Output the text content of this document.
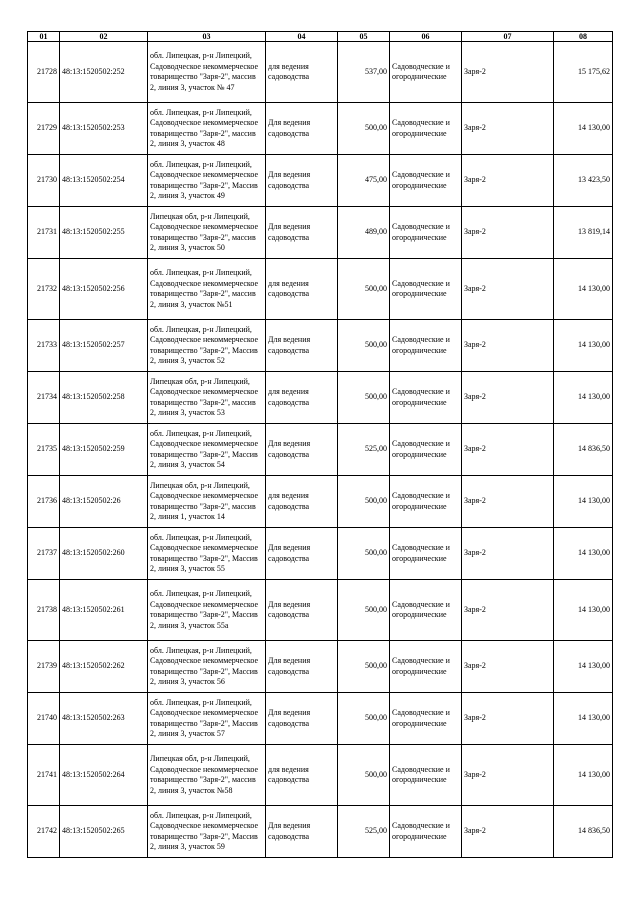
01	02	03	04	05	06	07	08
21728	48:13:1520502:252	обл. Липецкая, р-н Липецкий, Садоводческое некоммерческое товарищество "Заря-2", массив 2, линия 3, участок № 47	для ведения садоводства	537,00	Садоводческие и огороднические	Заря-2	15 175,62
21729	48:13:1520502:253	обл. Липецкая, р-н Липецкий, Садоводческое некоммерческое товарищество "Заря-2", массив 2, линия 3, участок 48	Для ведения садоводства	500,00	Садоводческие и огороднические	Заря-2	14 130,00
21730	48:13:1520502:254	обл. Липецкая, р-н Липецкий, Садоводческое некоммерческое товарищество "Заря-2", Массив 2, линия 3, участок 49	Для ведения садоводства	475,00	Садоводческие и огороднические	Заря-2	13 423,50
21731	48:13:1520502:255	Липецкая обл, р-н Липецкий, Садоводческое некоммерческое товарищество "Заря-2", массив 2, линия 3, участок 50	Для ведения садоводства	489,00	Садоводческие и огороднические	Заря-2	13 819,14
21732	48:13:1520502:256	обл. Липецкая, р-н Липецкий, Садоводческое некоммерческое товарищество "Заря-2", массив 2, линия 3, участок №51	для ведения садоводства	500,00	Садоводческие и огороднические	Заря-2	14 130,00
21733	48:13:1520502:257	обл. Липецкая, р-н Липецкий, Садоводческое некоммерческое товарищество "Заря-2", Массив 2, линия 3, участок 52	Для ведения садоводства	500,00	Садоводческие и огороднические	Заря-2	14 130,00
21734	48:13:1520502:258	Липецкая обл, р-н Липецкий, Садоводческое некоммерческое товарищество "Заря-2", массив 2, линия 3, участок 53	для ведения садоводства	500,00	Садоводческие и огороднические	Заря-2	14 130,00
21735	48:13:1520502:259	обл. Липецкая, р-н Липецкий, Садоводческое некоммерческое товарищество "Заря-2", Массив 2, линия 3, участок 54	Для ведения садоводства	525,00	Садоводческие и огороднические	Заря-2	14 836,50
21736	48:13:1520502:26	Липецкая обл, р-н Липецкий, Садоводческое некоммерческое товарищество "Заря-2", массив 2, линия 1, участок 14	для ведения садоводства	500,00	Садоводческие и огороднические	Заря-2	14 130,00
21737	48:13:1520502:260	обл. Липецкая, р-н Липецкий, Садоводческое некоммерческое товарищество "Заря-2", Массив 2, линия 3, участок 55	Для ведения садоводства	500,00	Садоводческие и огороднические	Заря-2	14 130,00
21738	48:13:1520502:261	обл. Липецкая, р-н Липецкий, Садоводческое некоммерческое товарищество "Заря-2", Массив 2, линия 3, участок 55а	Для ведения садоводства	500,00	Садоводческие и огороднические	Заря-2	14 130,00
21739	48:13:1520502:262	обл. Липецкая, р-н Липецкий, Садоводческое некоммерческое товарищество "Заря-2", Массив 2, линия 3, участок 56	Для ведения садоводства	500,00	Садоводческие и огороднические	Заря-2	14 130,00
21740	48:13:1520502:263	обл. Липецкая, р-н Липецкий, Садоводческое некоммерческое товарищество "Заря-2", Массив 2, линия 3, участок 57	Для ведения садоводства	500,00	Садоводческие и огороднические	Заря-2	14 130,00
21741	48:13:1520502:264	Липецкая обл, р-н Липецкий, Садоводческое некоммерческое товарищество "Заря-2", массив 2, линия 3, участок №58	для ведения садоводства	500,00	Садоводческие и огороднические	Заря-2	14 130,00
21742	48:13:1520502:265	обл. Липецкая, р-н Липецкий, Садоводческое некоммерческое товарищество "Заря-2", Массив 2, линия 3, участок 59	Для ведения садоводства	525,00	Садоводческие и огороднические	Заря-2	14 836,50
